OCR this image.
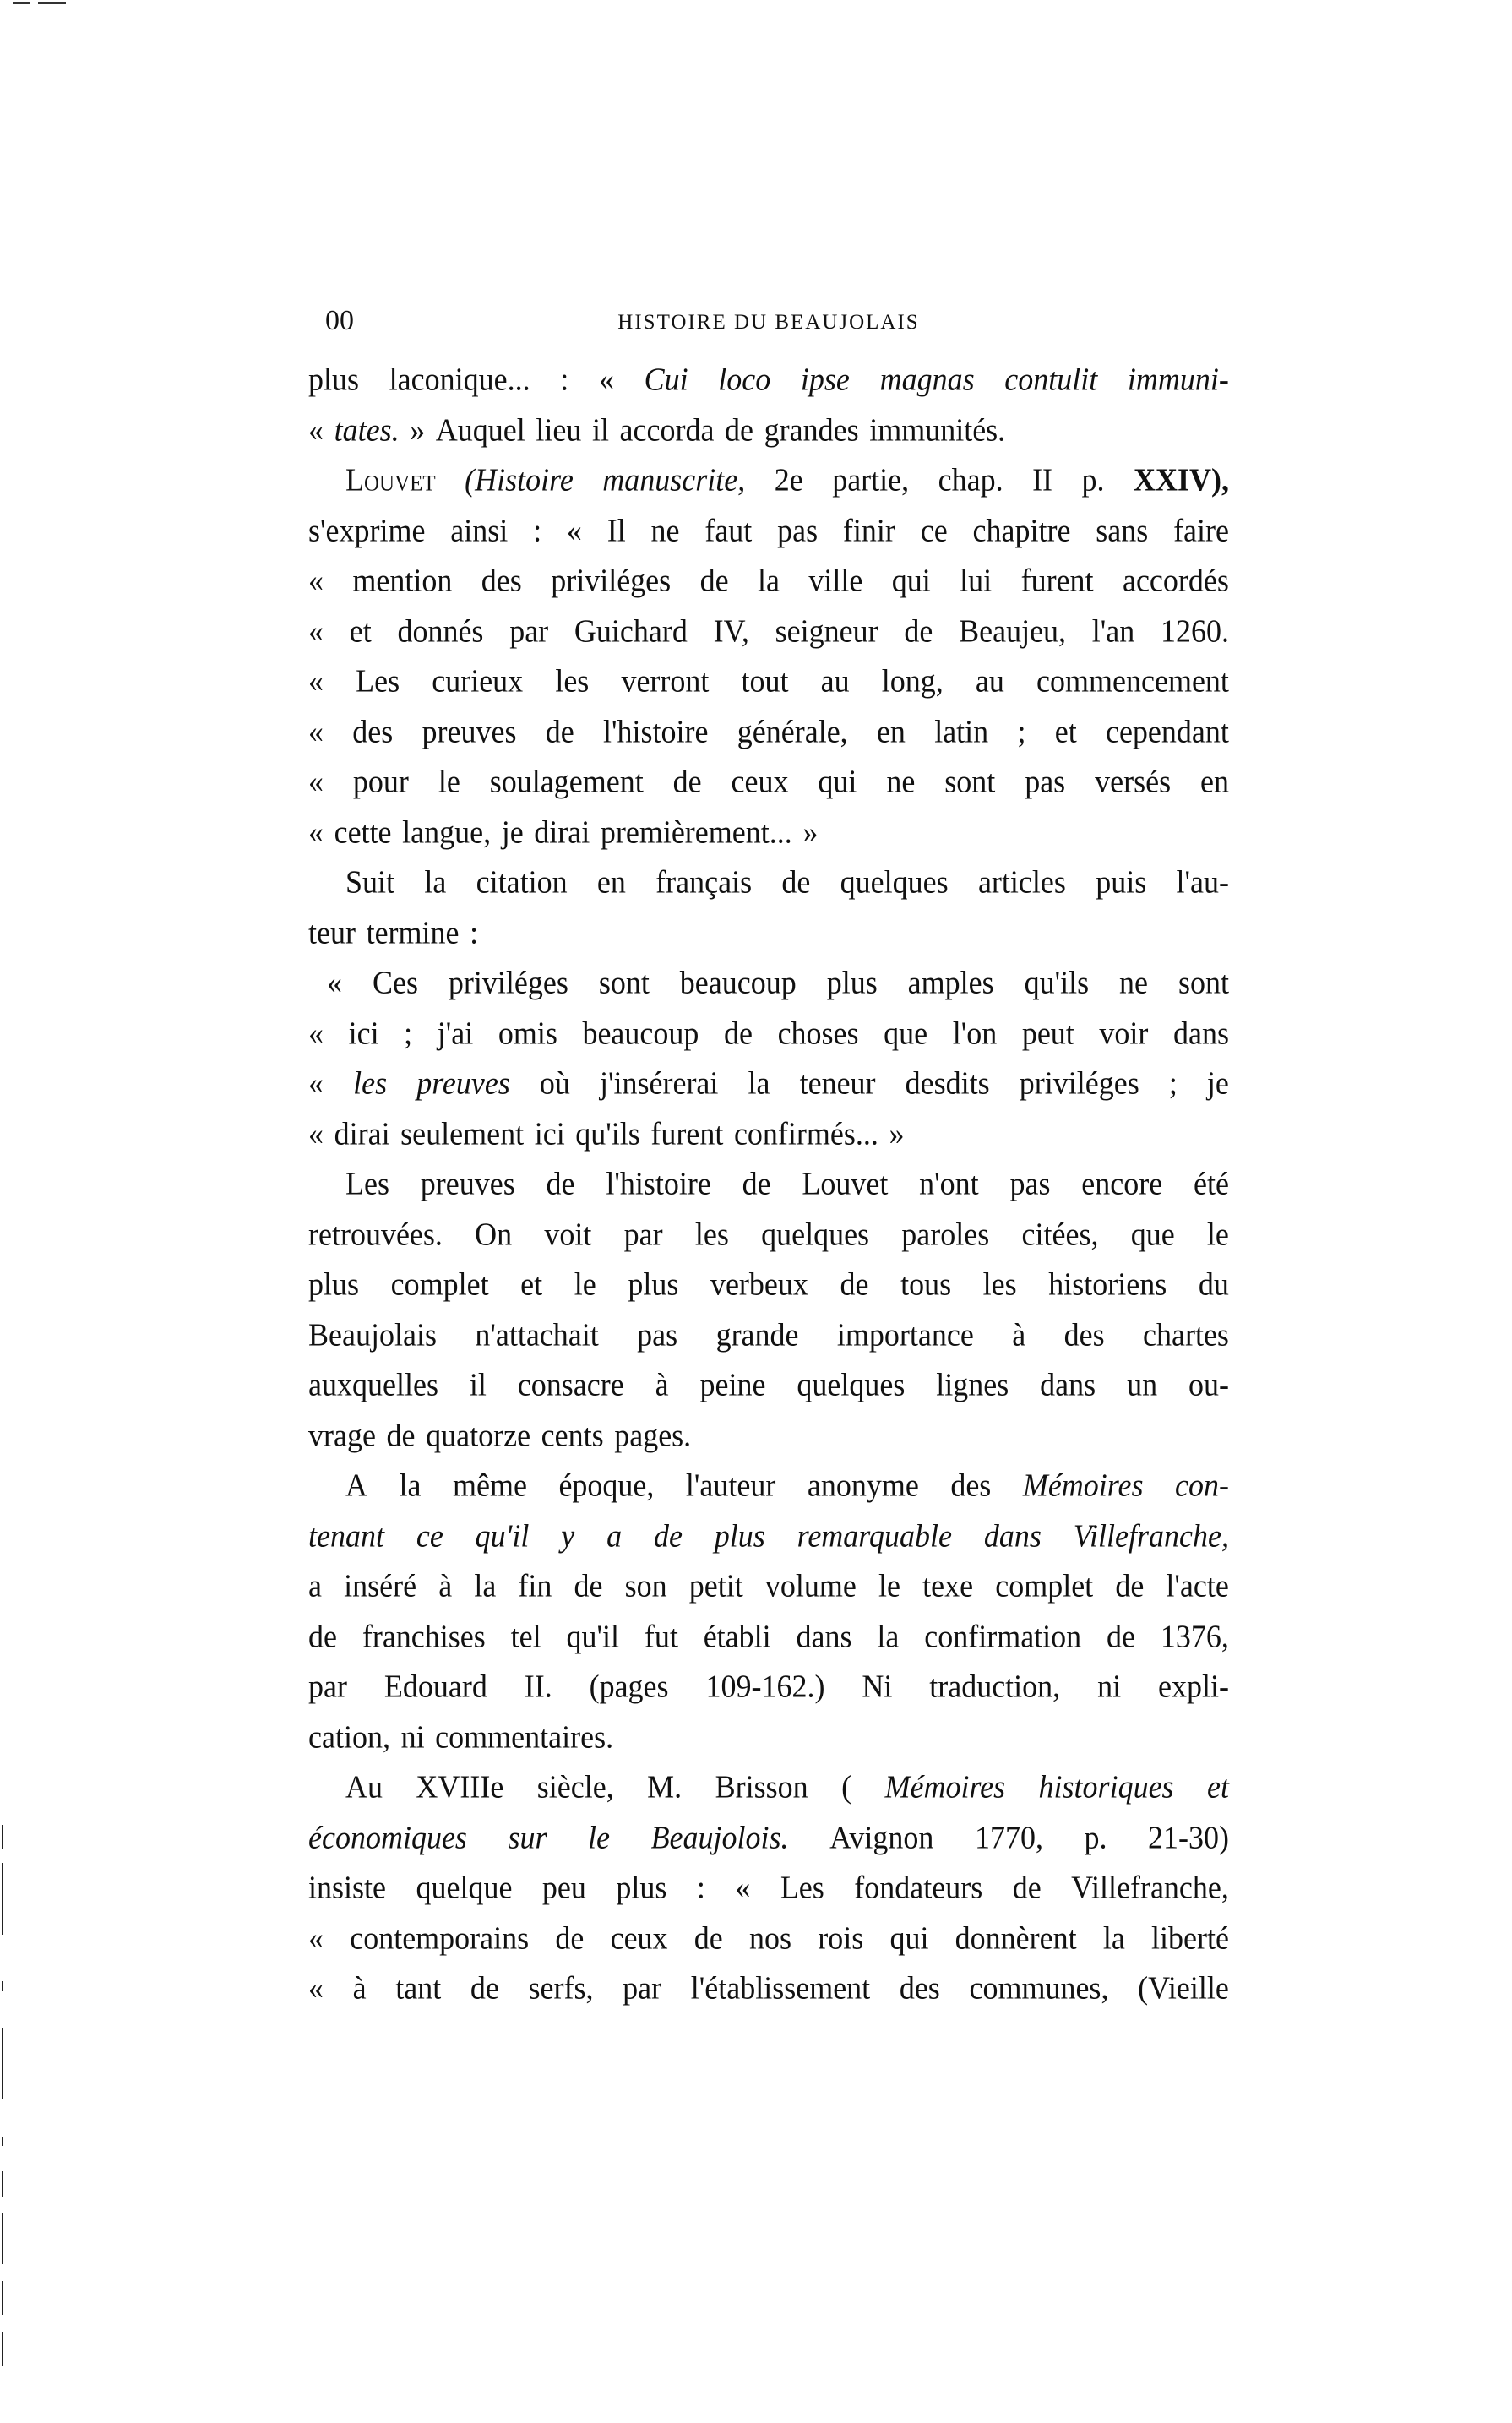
00	HISTOIRE DU BEAUJOLAIS
plus laconique... : « Cui loco ipse magnas contulit immuni-
« tates. » Auquel lieu il accorda de grandes immunités.
Louvet (Histoire manuscrite, 2e partie, chap. II p. XXIV),
s'exprime ainsi : « Il ne faut pas finir ce chapitre sans faire
« mention des priviléges de la ville qui lui furent accordés
« et donnés par Guichard IV, seigneur de Beaujeu, l'an 1260.
« Les curieux les verront tout au long, au commencement
« des preuves de l'histoire générale, en latin ; et cependant
« pour le soulagement de ceux qui ne sont pas versés en
« cette langue, je dirai premièrement... »
Suit la citation en français de quelques articles puis l'au-
teur termine :
« Ces priviléges sont beaucoup plus amples qu'ils ne sont
« ici ; j'ai omis beaucoup de choses que l'on peut voir dans
« les preuves où j'insérerai la teneur desdits priviléges ; je
« dirai seulement ici qu'ils furent confirmés... »
Les preuves de l'histoire de Louvet n'ont pas encore été
retrouvées. On voit par les quelques paroles citées, que le
plus complet et le plus verbeux de tous les historiens du
Beaujolais n'attachait pas grande importance à des chartes
auxquelles il consacre à peine quelques lignes dans un ou-
vrage de quatorze cents pages.
A la même époque, l'auteur anonyme des Mémoires con-
tenant ce qu'il y a de plus remarquable dans Villefranche,
a inséré à la fin de son petit volume le texe complet de l'acte
de franchises tel qu'il fut établi dans la confirmation de 1376,
par Edouard II. (pages 109-162.) Ni traduction, ni expli-
cation, ni commentaires.
Au XVIIIe siècle, M. Brisson ( Mémoires historiques et
économiques sur le Beaujolois. Avignon 1770, p. 21-30)
insiste quelque peu plus : « Les fondateurs de Villefranche,
« contemporains de ceux de nos rois qui donnèrent la liberté
« à tant de serfs, par l'établissement des communes, (Vieille
